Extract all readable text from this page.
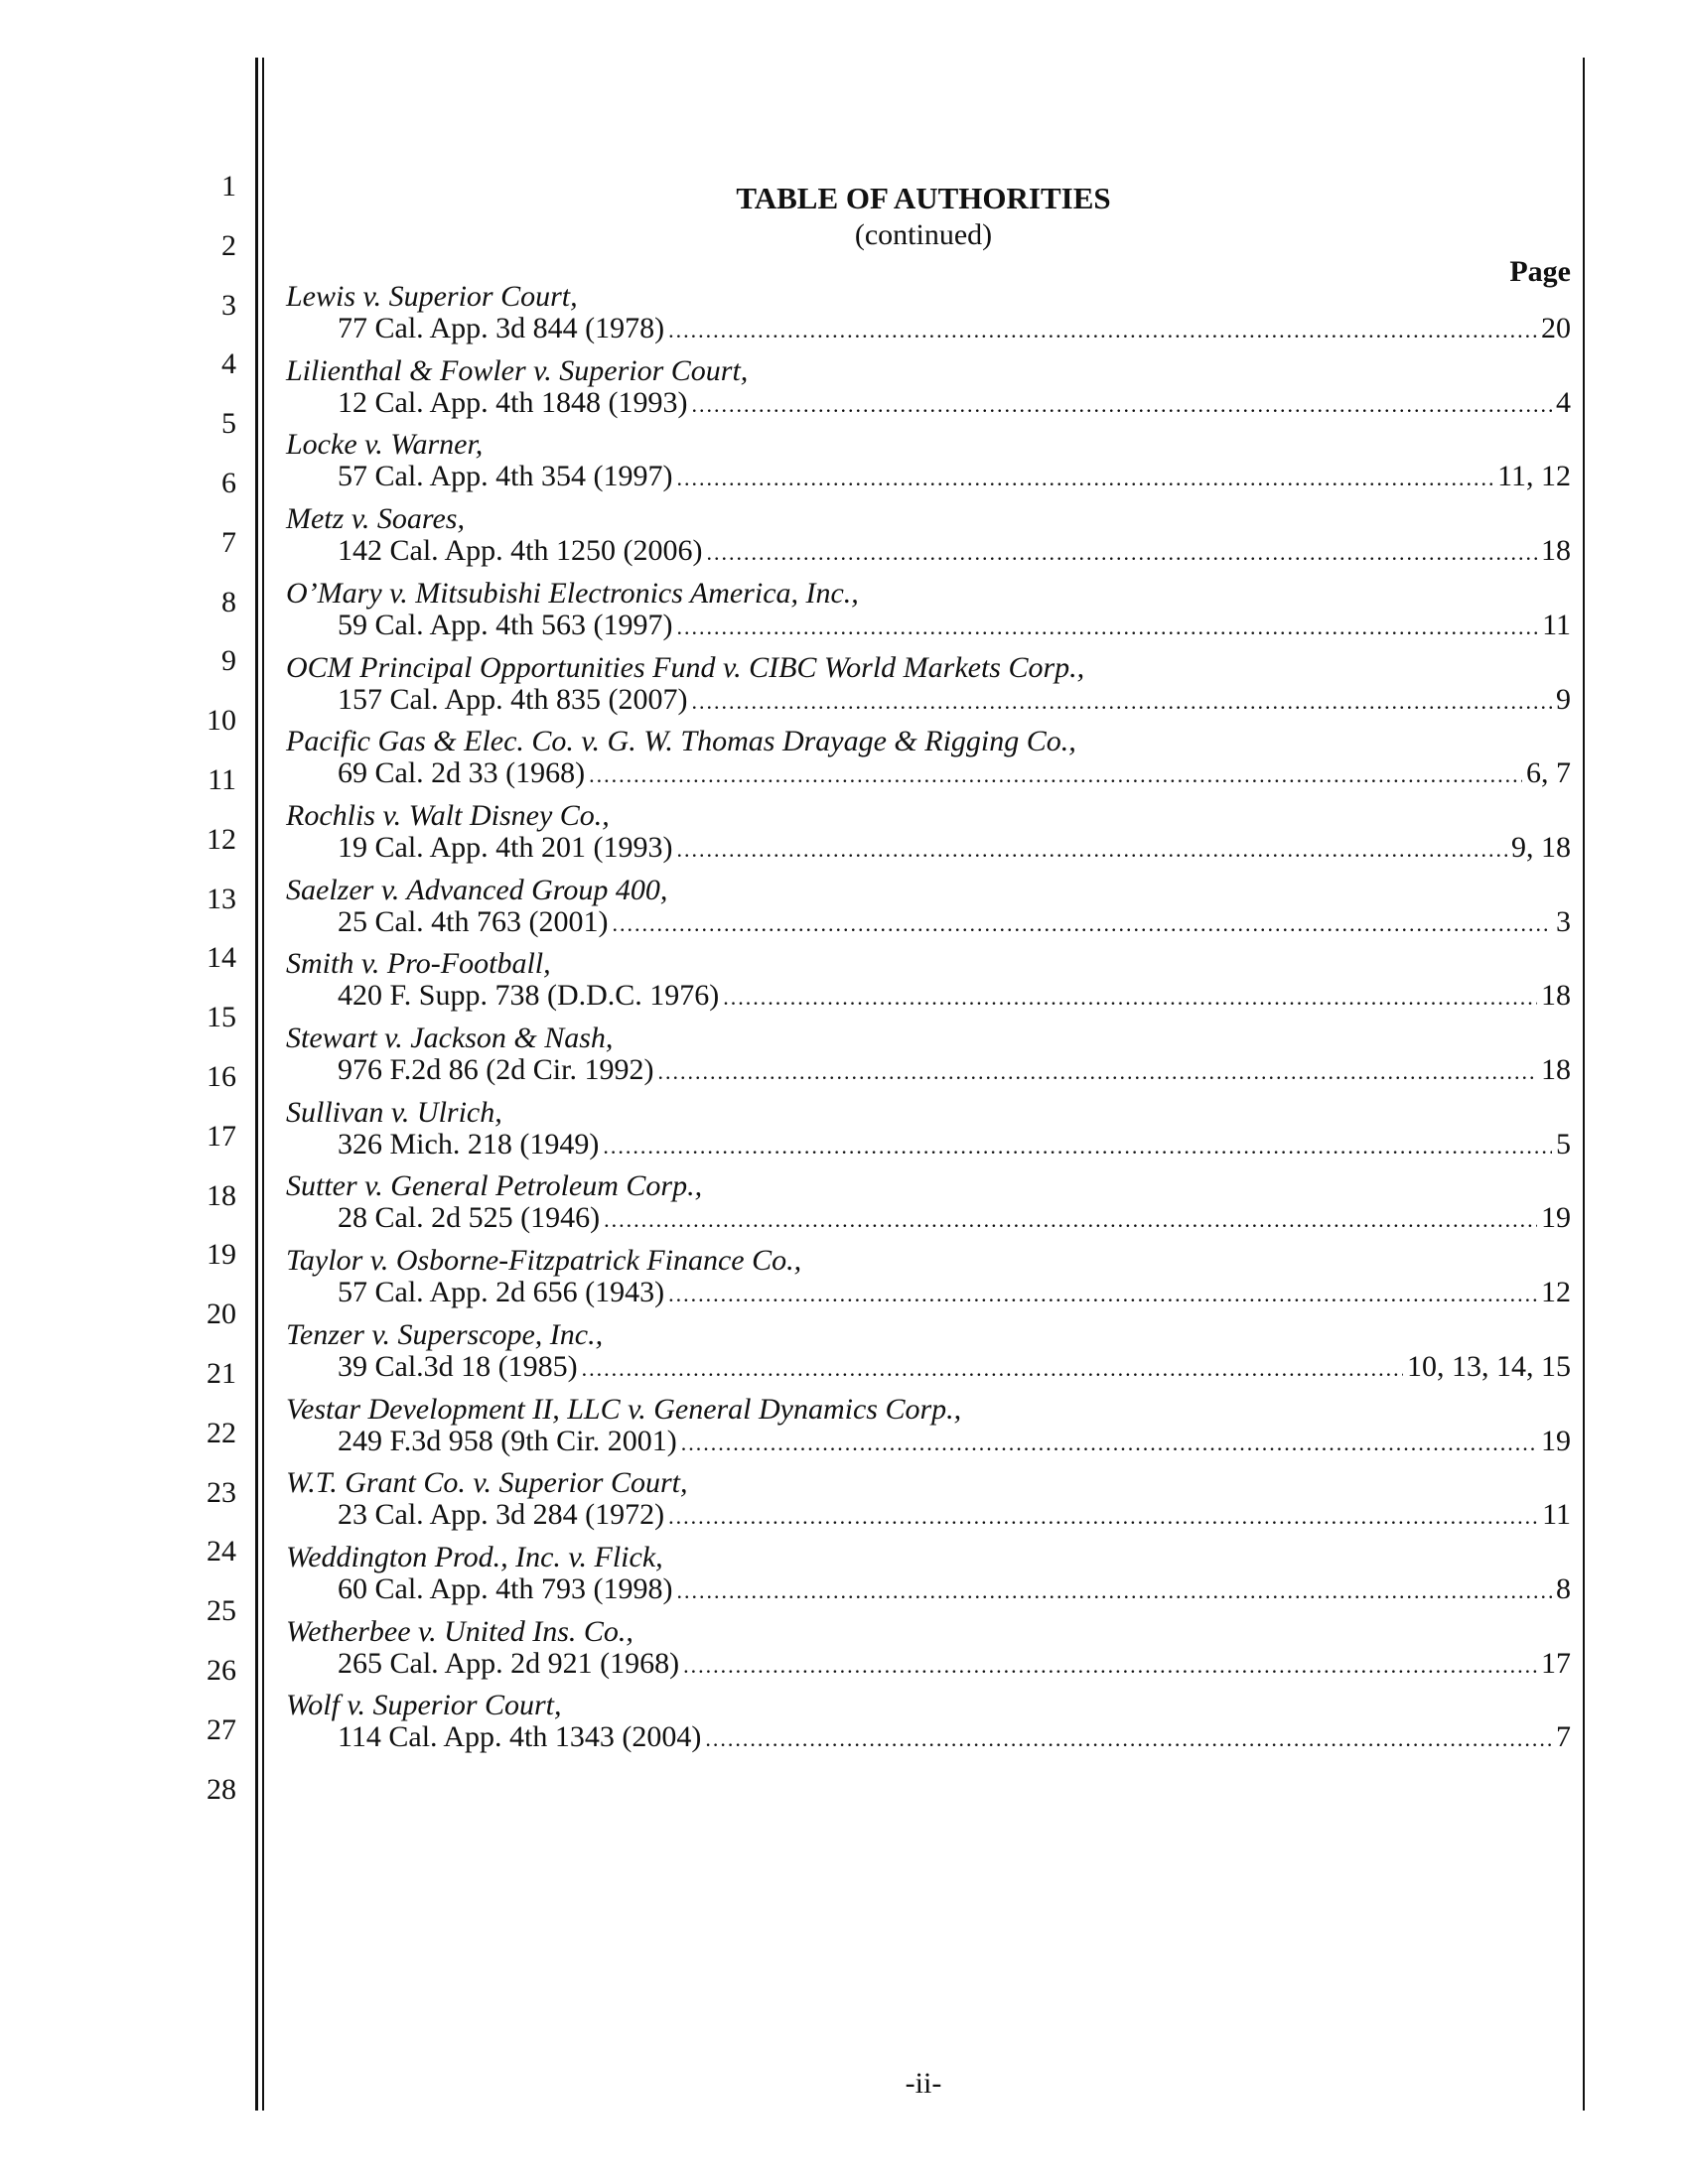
1
2
3
4
5
6
7
8
9
10
11
12
13
14
15
16
17
18
19
20
21
22
23
24
25
26
27
28
TABLE OF AUTHORITIES
(continued)
Page
Lewis v. Superior Court,
77 Cal. App. 3d 844 (1978) .....	20
Lilienthal & Fowler v. Superior Court,
12 Cal. App. 4th 1848 (1993) .....	4
Locke v. Warner,
57 Cal. App. 4th 354 (1997) .....	11, 12
Metz v. Soares,
142 Cal. App. 4th 1250 (2006) .....	18
O’Mary v. Mitsubishi Electronics America, Inc.,
59 Cal. App. 4th 563 (1997) .....	11
OCM Principal Opportunities Fund v. CIBC World Markets Corp.,
157 Cal. App. 4th 835 (2007) .....	9
Pacific Gas & Elec. Co. v. G. W. Thomas Drayage & Rigging Co.,
69 Cal. 2d 33 (1968) .....	6, 7
Rochlis v. Walt Disney Co.,
19 Cal. App. 4th 201 (1993) .....	9, 18
Saelzer v. Advanced Group 400,
25 Cal. 4th 763 (2001) .....	3
Smith v. Pro-Football,
420 F. Supp. 738 (D.D.C. 1976) .....	18
Stewart v. Jackson & Nash,
976 F.2d 86 (2d Cir. 1992) .....	18
Sullivan v. Ulrich,
326 Mich. 218 (1949) .....	5
Sutter v. General Petroleum Corp.,
28 Cal. 2d 525 (1946) .....	19
Taylor v. Osborne-Fitzpatrick Finance Co.,
57 Cal. App. 2d 656 (1943) .....	12
Tenzer v. Superscope, Inc.,
39 Cal.3d 18 (1985) .....	10, 13, 14, 15
Vestar Development II, LLC v. General Dynamics Corp.,
249 F.3d 958 (9th Cir. 2001) .....	19
W.T. Grant Co. v. Superior Court,
23 Cal. App. 3d 284 (1972) .....	11
Weddington Prod., Inc. v. Flick,
60 Cal. App. 4th 793 (1998) .....	8
Wetherbee v. United Ins. Co.,
265 Cal. App. 2d 921 (1968) .....	17
Wolf v. Superior Court,
114 Cal. App. 4th 1343 (2004) .....	7
-ii-
